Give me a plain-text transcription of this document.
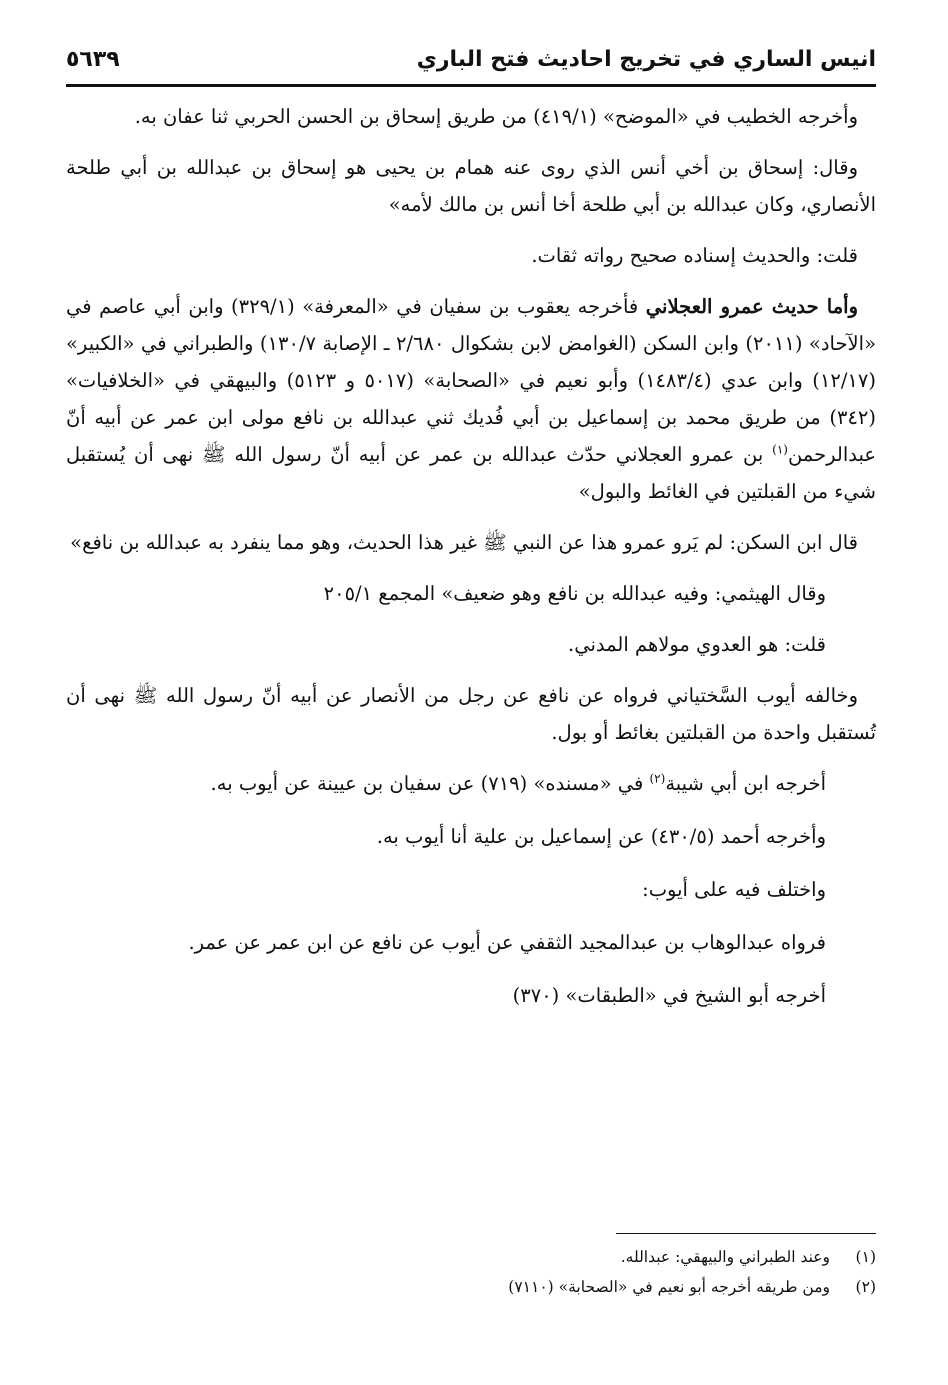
انيس الساري في تخريج احاديث فتح الباري
٥٦٣٩

وأخرجه الخطيب في «الموضح» (٤١٩/١) من طريق إسحاق بن الحسن الحربي ثنا عفان به.

وقال: إسحاق بن أخي أنس الذي روى عنه همام بن يحيى هو إسحاق بن عبدالله بن أبي طلحة الأنصاري، وكان عبدالله بن أبي طلحة أخا أنس بن مالك لأمه»

قلت: والحديث إسناده صحيح رواته ثقات.

وأما حديث عمرو العجلاني فأخرجه يعقوب بن سفيان في «المعرفة» (٣٢٩/١) وابن أبي عاصم في «الآحاد» (٢٠١١) وابن السكن (الغوامض لابن بشكوال ٢/٦٨٠ ـ الإصابة ١٣٠/٧) والطبراني في «الكبير» (١٢/١٧) وابن عدي (١٤٨٣/٤) وأبو نعيم في «الصحابة» (٥٠١٧ و ٥١٢٣) والبيهقي في «الخلافيات» (٣٤٢) من طريق محمد بن إسماعيل بن أبي فُديك ثني عبدالله بن نافع مولى ابن عمر عن أبيه أنّ عبدالرحمن$^{(١)}$ بن عمرو العجلاني حدّث عبدالله بن عمر عن أبيه أنّ رسول الله ﷺ نهى أن يُستقبل شيء من القبلتين في الغائط والبول»

قال ابن السكن: لم يَرو عمرو هذا عن النبي ﷺ غير هذا الحديث، وهو مما ينفرد به عبدالله بن نافع»

وقال الهيثمي: وفيه عبدالله بن نافع وهو ضعيف» المجمع ٢٠٥/١

قلت: هو العدوي مولاهم المدني.

وخالفه أيوب السَّختياني فرواه عن نافع عن رجل من الأنصار عن أبيه أنّ رسول الله ﷺ نهى أن تُستقبل واحدة من القبلتين بغائط أو بول.

أخرجه ابن أبي شيبة$^{(٢)}$ في «مسنده» (٧١٩) عن سفيان بن عيينة عن أيوب به.

وأخرجه أحمد (٤٣٠/٥) عن إسماعيل بن علية أنا أيوب به.

واختلف فيه على أيوب:

فرواه عبدالوهاب بن عبدالمجيد الثقفي عن أيوب عن نافع عن ابن عمر عن عمر.

أخرجه أبو الشيخ في «الطبقات» (٣٧٠)

(١)
وعند الطبراني والبيهقي: عبدالله.
(٢)
ومن طريقه أخرجه أبو نعيم في «الصحابة» (٧١١٠)
